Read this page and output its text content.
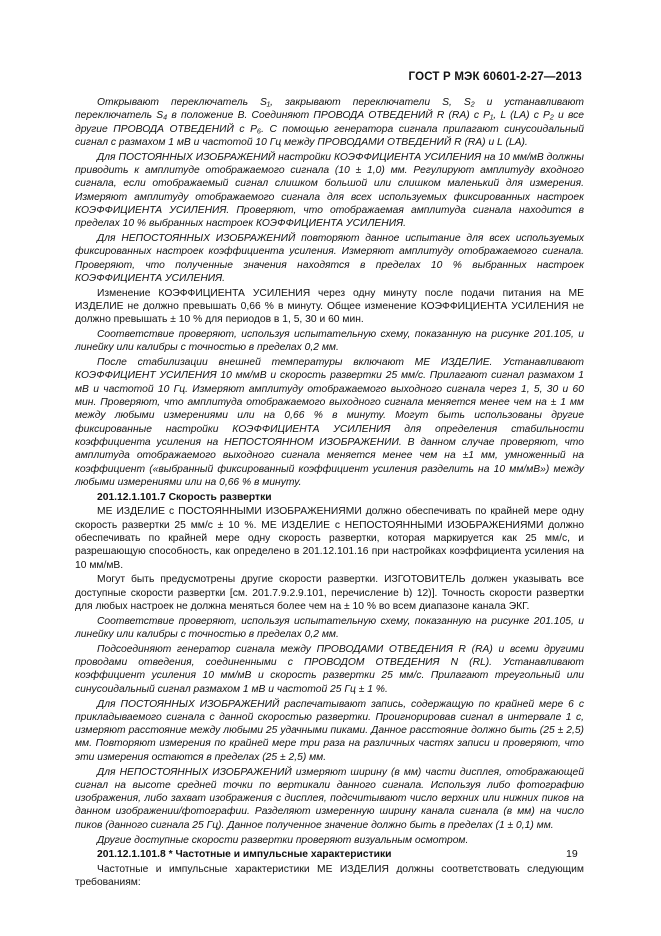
ГОСТ Р МЭК 60601-2-27—2013

Открывают переключатель S₁, закрывают переключатели S, S₂ и устанавливают переключатель S₄ в положение В. Соединяют ПРОВОДА ОТВЕДЕНИЙ R (RA) с P₁, L (LA) с P₂ и все другие ПРОВОДА ОТВЕДЕНИЙ с P₆. С помощью генератора сигнала прилагают синусоидальный сигнал с размахом 1 мВ и частотой 10 Гц между ПРОВОДАМИ ОТВЕДЕНИЙ R (RA) и L (LA).

Для ПОСТОЯННЫХ ИЗОБРАЖЕНИЙ настройки КОЭФФИЦИЕНТА УСИЛЕНИЯ на 10 мм/мВ должны приводить к амплитуде отображаемого сигнала (10 ± 1,0) мм. Регулируют амплитуду входного сигнала, если отображаемый сигнал слишком большой или слишком маленький для измерения. Измеряют амплитуду отображаемого сигнала для всех используемых фиксированных настроек КОЭФФИЦИЕНТА УСИЛЕНИЯ. Проверяют, что отображаемая амплитуда сигнала находится в пределах 10 % выбранных настроек КОЭФФИЦИЕНТА УСИЛЕНИЯ.

Для НЕПОСТОЯННЫХ ИЗОБРАЖЕНИЙ повторяют данное испытание для всех используемых фиксированных настроек коэффициента усиления. Измеряют амплитуду отображаемого сигнала. Проверяют, что полученные значения находятся в пределах 10 % выбранных настроек КОЭФФИЦИЕНТА УСИЛЕНИЯ.

Изменение КОЭФФИЦИЕНТА УСИЛЕНИЯ через одну минуту после подачи питания на МЕ ИЗДЕЛИЕ не должно превышать 0,66 % в минуту. Общее изменение КОЭФФИЦИЕНТА УСИЛЕНИЯ не должно превышать ± 10 % для периодов в 1, 5, 30 и 60 мин.

Соответствие проверяют, используя испытательную схему, показанную на рисунке 201.105, и линейку или калибры с точностью в пределах 0,2 мм.

После стабилизации внешней температуры включают МЕ ИЗДЕЛИЕ. Устанавливают КОЭФФИЦИЕНТ УСИЛЕНИЯ 10 мм/мВ и скорость развертки 25 мм/с. Прилагают сигнал размахом 1 мВ и частотой 10 Гц. Измеряют амплитуду отображаемого выходного сигнала через 1, 5, 30 и 60 мин. Проверяют, что амплитуда отображаемого выходного сигнала меняется менее чем на ± 1 мм между любыми измерениями или на 0,66 % в минуту. Могут быть использованы другие фиксированные настройки КОЭФФИЦИЕНТА УСИЛЕНИЯ для определения стабильности коэффициента усиления на НЕПОСТОЯННОМ ИЗОБРАЖЕНИИ. В данном случае проверяют, что амплитуда отображаемого выходного сигнала меняется менее чем на ±1 мм, умноженный на коэффициент («выбранный фиксированный коэффициент усиления разделить на 10 мм/мВ») между любыми измерениями или на 0,66 % в минуту.

201.12.1.101.7 Скорость развертки

МЕ ИЗДЕЛИЕ с ПОСТОЯННЫМИ ИЗОБРАЖЕНИЯМИ должно обеспечивать по крайней мере одну скорость развертки 25 мм/с ± 10 %. МЕ ИЗДЕЛИЕ с НЕПОСТОЯННЫМИ ИЗОБРАЖЕНИЯМИ должно обеспечивать по крайней мере одну скорость развертки, которая маркируется как 25 мм/с, и разрешающую способность, как определено в 201.12.101.16 при настройках коэффициента усиления на 10 мм/мВ.

Могут быть предусмотрены другие скорости развертки. ИЗГОТОВИТЕЛЬ должен указывать все доступные скорости развертки [см. 201.7.9.2.9.101, перечисление b) 12)]. Точность скорости развертки для любых настроек не должна меняться более чем на ± 10 % во всем диапазоне канала ЭКГ.

Соответствие проверяют, используя испытательную схему, показанную на рисунке 201.105, и линейку или калибры с точностью в пределах 0,2 мм.

Подсоединяют генератор сигнала между ПРОВОДАМИ ОТВЕДЕНИЯ R (RA) и всеми другими проводами отведения, соединенными с ПРОВОДОМ ОТВЕДЕНИЯ N (RL). Устанавливают коэффициент усиления 10 мм/мВ и скорость развертки 25 мм/с. Прилагают треугольный или синусоидальный сигнал размахом 1 мВ и частотой 25 Гц ± 1 %.

Для ПОСТОЯННЫХ ИЗОБРАЖЕНИЙ распечатывают запись, содержащую по крайней мере 6 с прикладываемого сигнала с данной скоростью развертки. Проигнорировав сигнал в интервале 1 с, измеряют расстояние между любыми 25 удачными пиками. Данное расстояние должно быть (25 ± 2,5) мм. Повторяют измерения по крайней мере три раза на различных частях записи и проверяют, что эти измерения остаются в пределах (25 ± 2,5) мм.

Для НЕПОСТОЯННЫХ ИЗОБРАЖЕНИЙ измеряют ширину (в мм) части дисплея, отображающей сигнал на высоте средней точки по вертикали данного сигнала. Используя либо фотографию изображения, либо захват изображения с дисплея, подсчитывают число верхних или нижних пиков на данном изображении/фотографии. Разделяют измеренную ширину канала сигнала (в мм) на число пиков (данного сигнала 25 Гц). Данное полученное значение должно быть в пределах (1 ± 0,1) мм.

Другие доступные скорости развертки проверяют визуальным осмотром.

201.12.1.101.8 * Частотные и импульсные характеристики

Частотные и импульсные характеристики МЕ ИЗДЕЛИЯ должны соответствовать следующим требованиям:

19
